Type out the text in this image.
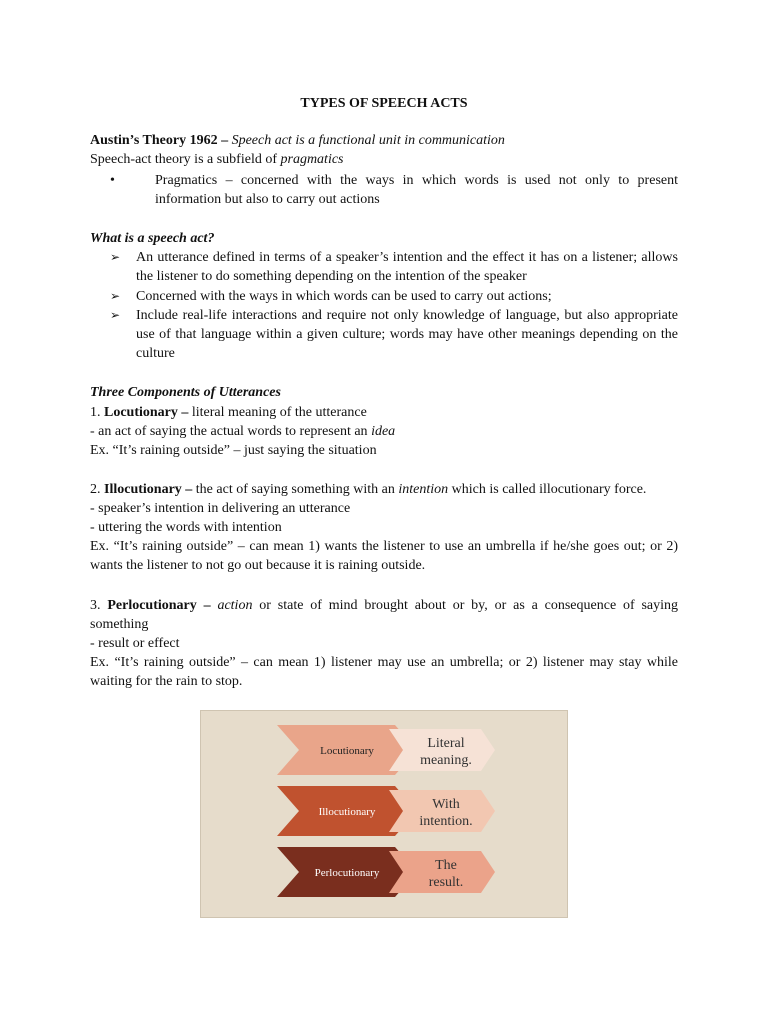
TYPES OF SPEECH ACTS
Austin’s Theory 1962 – Speech act is a functional unit in communication
Speech-act theory is a subfield of pragmatics
•	Pragmatics – concerned with the ways in which words is used not only to present information but also to carry out actions
What is a speech act?
➢ An utterance defined in terms of a speaker’s intention and the effect it has on a listener; allows the listener to do something depending on the intention of the speaker
➢ Concerned with the ways in which words can be used to carry out actions;
➢ Include real-life interactions and require not only knowledge of language, but also appropriate use of that language within a given culture; words may have other meanings depending on the culture
Three Components of Utterances
1. Locutionary – literal meaning of the utterance
- an act of saying the actual words to represent an idea
Ex. “It’s raining outside” – just saying the situation
2. Illocutionary – the act of saying something with an intention which is called illocutionary force.
- speaker’s intention in delivering an utterance
- uttering the words with intention
Ex. “It’s raining outside” – can mean 1) wants the listener to use an umbrella if he/she goes out; or 2) wants the listener to not go out because it is raining outside.
3. Perlocutionary – action or state of mind brought about or by, or as a consequence of saying something
- result or effect
Ex. “It’s raining outside” – can mean 1) listener may use an umbrella; or 2) listener may stay while waiting for the rain to stop.
Locutionary	Literal
meaning.
Illocutionary	With
intention.
Perlocutionary	The
result.
